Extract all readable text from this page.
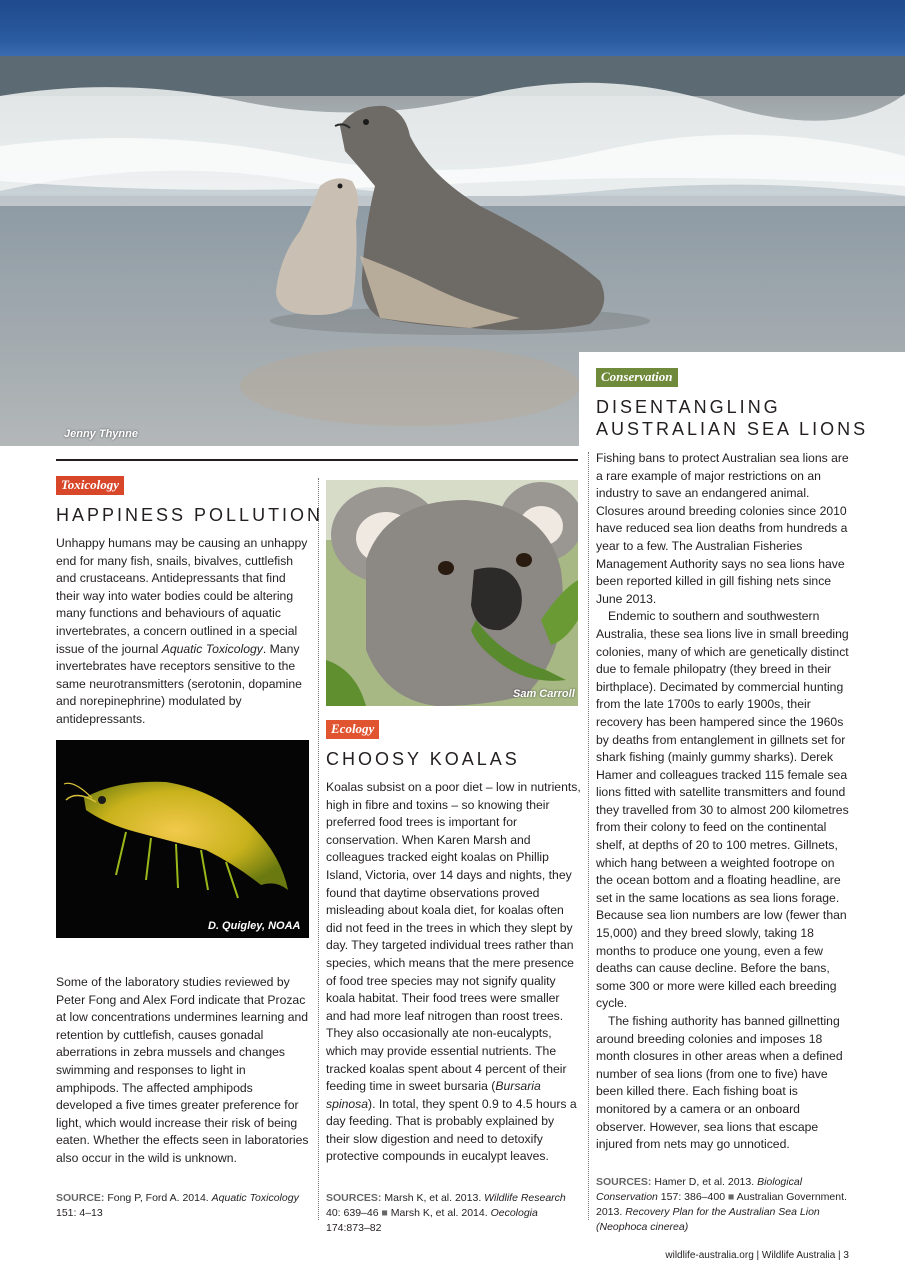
Jenny Thynne
Conservation
DISENTANGLING
AUSTRALIAN SEA LIONS
Toxicology
HAPPINESS POLLUTION

Unhappy humans may be causing an unhappy end for many fish, snails, bivalves, cuttlefish and crustaceans. Antidepressants that find their way into water bodies could be altering many functions and behaviours of aquatic invertebrates, a concern outlined in a special issue of the journal Aquatic Toxicology. Many invertebrates have receptors sensitive to the same neurotransmitters (serotonin, dopamine and norepinephrine) modulated by antidepressants.

D. Quigley, NOAA

Some of the laboratory studies reviewed by Peter Fong and Alex Ford indicate that Prozac at low concentrations undermines learning and retention by cuttlefish, causes gonadal aberrations in zebra mussels and changes swimming and responses to light in amphipods. The affected amphipods developed a five times greater preference for light, which would increase their risk of being eaten. Whether the effects seen in laboratories also occur in the wild is unknown.

SOURCE: Fong P, Ford A. 2014. Aquatic Toxicology
151: 4–13
Sam Carroll
Ecology
CHOOSY KOALAS

Koalas subsist on a poor diet – low in nutrients, high in fibre and toxins – so knowing their preferred food trees is important for conservation. When Karen Marsh and colleagues tracked eight koalas on Phillip Island, Victoria, over 14 days and nights, they found that daytime observations proved misleading about koala diet, for koalas often did not feed in the trees in which they slept by day. They targeted individual trees rather than species, which means that the mere presence of food tree species may not signify quality koala habitat. Their food trees were smaller and had more leaf nitrogen than roost trees. They also occasionally ate non-eucalypts, which may provide essential nutrients. The tracked koalas spent about 4 percent of their feeding time in sweet bursaria (Bursaria spinosa). In total, they spent 0.9 to 4.5 hours a day feeding. That is probably explained by their slow digestion and need to detoxify protective compounds in eucalypt leaves.

SOURCES: Marsh K, et al. 2013. Wildlife Research 40: 639–46 ■ Marsh K, et al. 2014. Oecologia 174:873–82

Fishing bans to protect Australian sea lions are a rare example of major restrictions on an industry to save an endangered animal. Closures around breeding colonies since 2010 have reduced sea lion deaths from hundreds a year to a few. The Australian Fisheries Management Authority says no sea lions have been reported killed in gill fishing nets since June 2013.

Endemic to southern and southwestern Australia, these sea lions live in small breeding colonies, many of which are genetically distinct due to female philopatry (they breed in their birthplace). Decimated by commercial hunting from the late 1700s to early 1900s, their recovery has been hampered since the 1960s by deaths from entanglement in gillnets set for shark fishing (mainly gummy sharks). Derek Hamer and colleagues tracked 115 female sea lions fitted with satellite transmitters and found they travelled from 30 to almost 200 kilometres from their colony to feed on the continental shelf, at depths of 20 to 100 metres. Gillnets, which hang between a weighted footrope on the ocean bottom and a floating headline, are set in the same locations as sea lions forage. Because sea lion numbers are low (fewer than 15,000) and they breed slowly, taking 18 months to produce one young, even a few deaths can cause decline. Before the bans, some 300 or more were killed each breeding cycle.

The fishing authority has banned gillnetting around breeding colonies and imposes 18 month closures in other areas when a defined number of sea lions (from one to five) have been killed there. Each fishing boat is monitored by a camera or an onboard observer. However, sea lions that escape injured from nets may go unnoticed.

SOURCES: Hamer D, et al. 2013. Biological Conservation 157: 386–400 ■ Australian Government. 2013. Recovery Plan for the Australian Sea Lion (Neophoca cinerea)
wildlife-australia.org | Wildlife Australia | 3
